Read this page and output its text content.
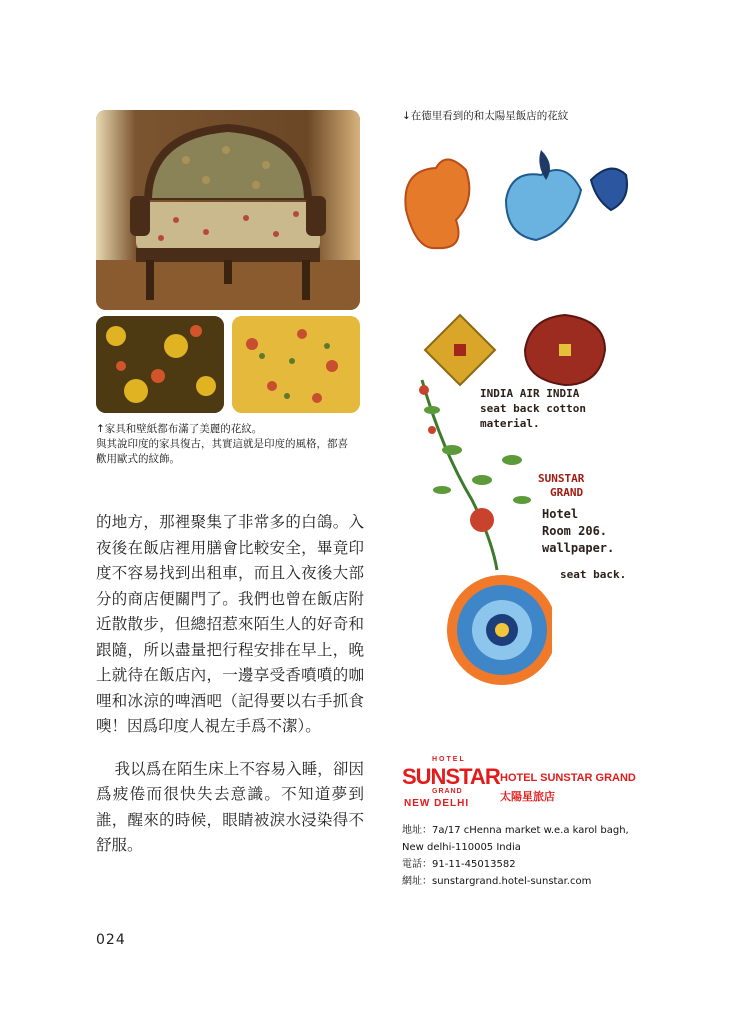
↑家具和壁紙都布滿了美麗的花紋。
與其說印度的家具復古，其實這就是印度的風格，都喜
歡用歐式的紋飾。

的地方，那裡聚集了非常多的白鴿。入夜後在飯店裡用膳會比較安全，畢竟印度不容易找到出租車，而且入夜後大部分的商店便關門了。我們也曾在飯店附近散散步，但總招惹來陌生人的好奇和跟隨，所以盡量把行程安排在早上，晚上就待在飯店內，一邊享受香噴噴的咖哩和冰涼的啤酒吧（記得要以右手抓食噢！因爲印度人視左手爲不潔）。

我以爲在陌生床上不容易入睡，卻因爲疲倦而很快失去意識。不知道夢到誰，醒來的時候，眼睛被淚水浸染得不舒服。

024
↓在德里看到的和太陽星飯店的花紋
INDIA AIR INDIA
seat back cotton
material.
SUNSTAR
GRAND
Hotel
Room 206.
wallpaper.
seat back.
HOTEL
SUNSTAR
GRAND
NEW DELHI
HOTEL SUNSTAR GRAND
太陽星旅店
地址：7a/17 cHenna market w.e.a karol bagh,
New delhi-110005 India
電話：91-11-45013582
網址：sunstargrand.hotel-sunstar.com
